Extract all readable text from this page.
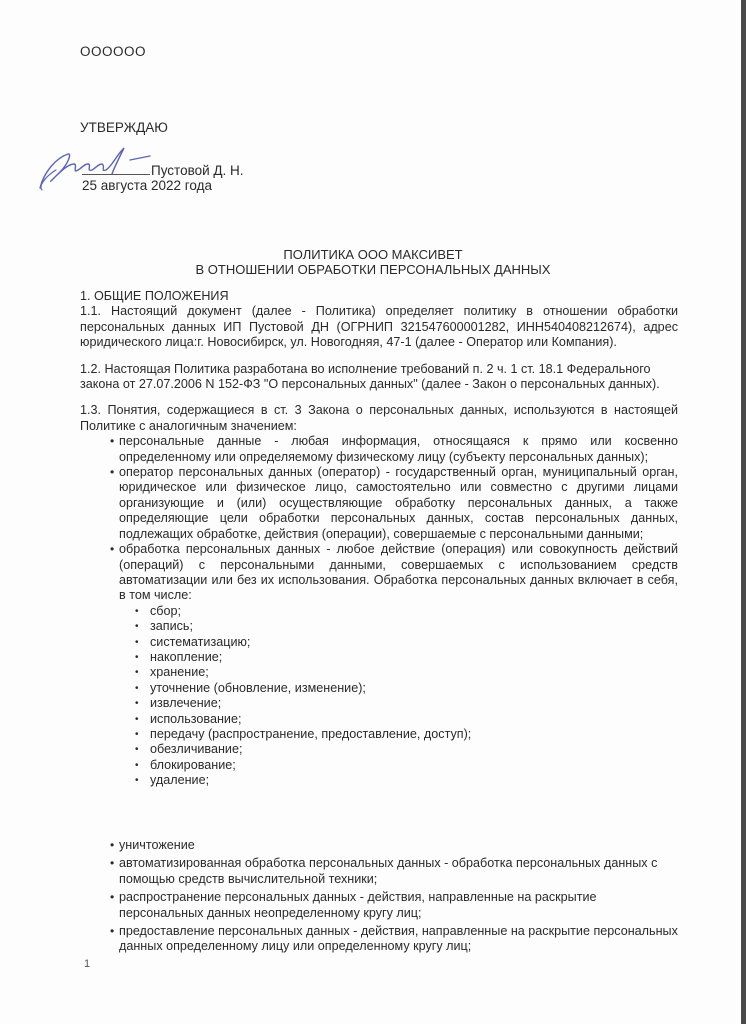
ОООООО
УТВЕРЖДАЮ
Пустовой Д. Н.
25 августа 2022 года
ПОЛИТИКА ООО МАКСИВЕТ
В ОТНОШЕНИИ ОБРАБОТКИ ПЕРСОНАЛЬНЫХ ДАННЫХ

1. ОБЩИЕ ПОЛОЖЕНИЯ

1.1. Настоящий документ (далее - Политика) определяет политику в отношении обработки персональных данных ИП Пустовой ДН (ОГРНИП 321547600001282, ИНН540408212674), адрес юридического лица:г. Новосибирск, ул. Новогодняя, 47-1 (далее - Оператор или Компания).

1.2. Настоящая Политика разработана во исполнение требований п. 2 ч. 1 ст. 18.1 Федерального закона от 27.07.2006 N 152-ФЗ "О персональных данных" (далее - Закон о персональных данных).

1.3. Понятия, содержащиеся в ст. 3 Закона о персональных данных, используются в настоящей Политике с аналогичным значением:

• персональные данные - любая информация, относящаяся к прямо или косвенно определенному или определяемому физическому лицу (субъекту персональных данных);
• оператор персональных данных (оператор) - государственный орган, муниципальный орган, юридическое или физическое лицо, самостоятельно или совместно с другими лицами организующие и (или) осуществляющие обработку персональных данных, а также определяющие цели обработки персональных данных, состав персональных данных, подлежащих обработке, действия (операции), совершаемые с персональными данными;
• обработка персональных данных - любое действие (операция) или совокупность действий (операций) с персональными данными, совершаемых с использованием средств автоматизации или без их использования. Обработка персональных данных включает в себя, в том числе:
• сбор;
• запись;
• систематизацию;
• накопление;
• хранение;
• уточнение (обновление, изменение);
• извлечение;
• использование;
• передачу (распространение, предоставление, доступ);
• обезличивание;
• блокирование;
• удаление;
• уничтожение
• автоматизированная обработка персональных данных - обработка персональных данных с помощью средств вычислительной техники;
• распространение персональных данных - действия, направленные на раскрытие персональных данных неопределенному кругу лиц;
• предоставление персональных данных - действия, направленные на раскрытие персональных данных определенному лицу или определенному кругу лиц;
1
